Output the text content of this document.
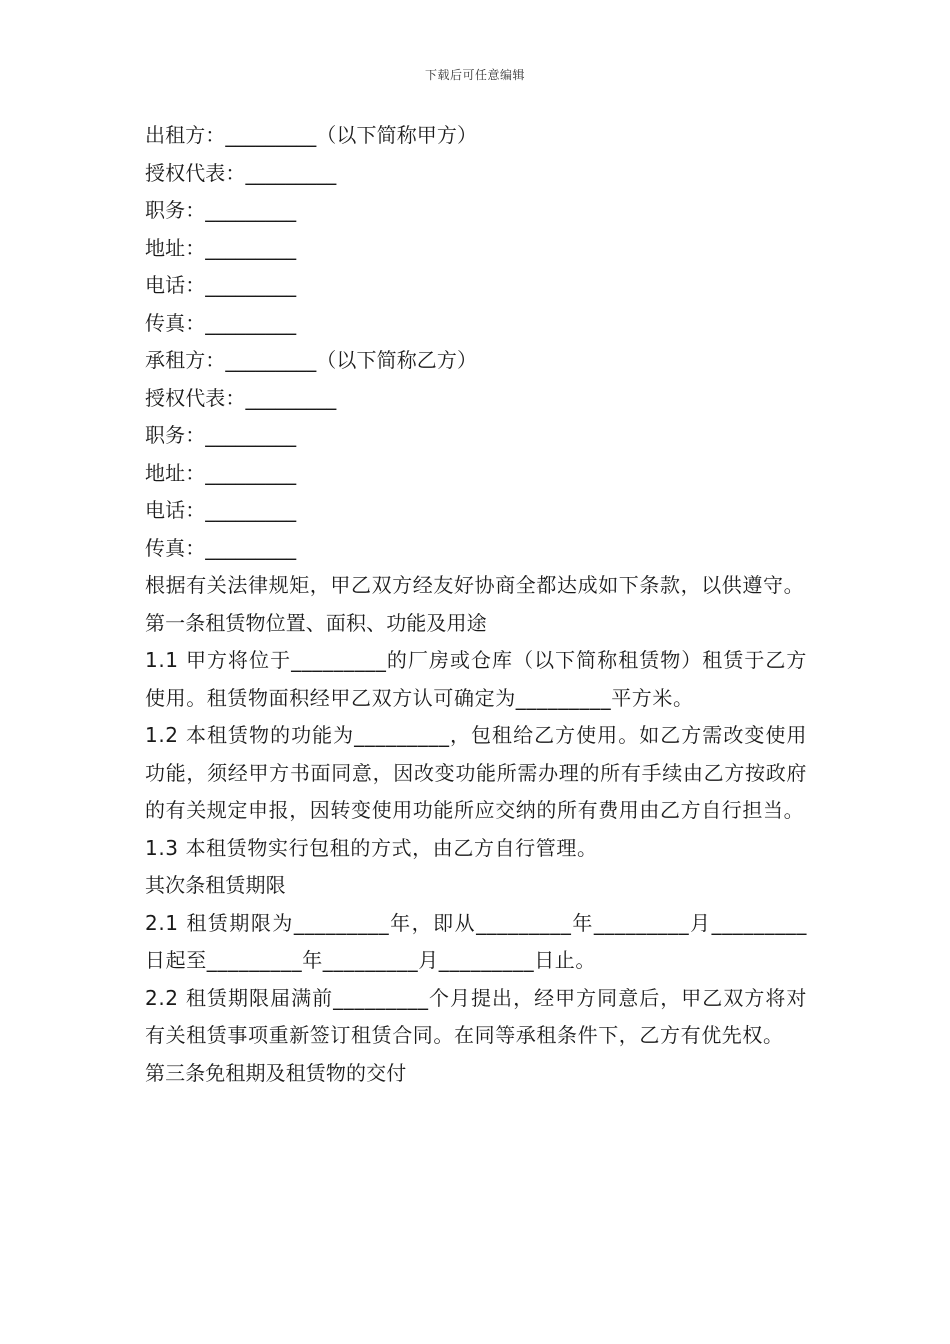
下载后可任意编辑
出租方：_________（以下简称甲方）
授权代表：_________
职务：_________
地址：_________
电话：_________
传真：_________
承租方：_________（以下简称乙方）
授权代表：_________
职务：_________
地址：_________
电话：_________
传真：_________

根据有关法律规矩，甲乙双方经友好协商全都达成如下条款，以供遵守。

第一条租赁物位置、面积、功能及用途

1.1 甲方将位于_________的厂房或仓库（以下简称租赁物）租赁于乙方使用。租赁物面积经甲乙双方认可确定为_________平方米。

1.2 本租赁物的功能为_________，包租给乙方使用。如乙方需改变使用功能，须经甲方书面同意，因改变功能所需办理的所有手续由乙方按政府的有关规定申报，因转变使用功能所应交纳的所有费用由乙方自行担当。

1.3 本租赁物实行包租的方式，由乙方自行管理。

其次条租赁期限

2.1 租赁期限为_________年，即从_________年_________月_________日起至_________年_________月_________日止。

2.2 租赁期限届满前_________个月提出，经甲方同意后，甲乙双方将对有关租赁事项重新签订租赁合同。在同等承租条件下，乙方有优先权。

第三条免租期及租赁物的交付
